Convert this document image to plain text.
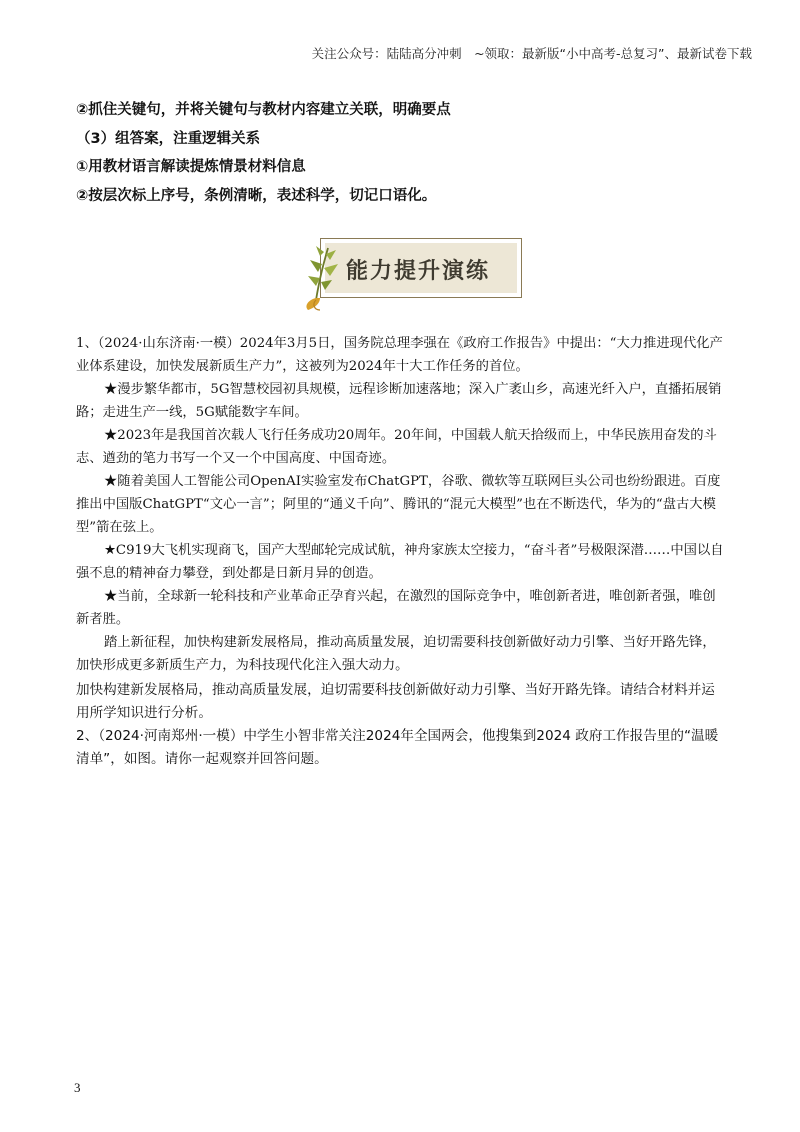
关注公众号：陆陆高分冲刺　~领取：最新版“小中高考-总复习”、最新试卷下载

②抓住关键句，并将关键句与教材内容建立关联，明确要点

（3）组答案，注重逻辑关系

①用教材语言解读提炼情景材料信息

②按层次标上序号，条例清晰，表述科学，切记口语化。

能力提升演练

1、（2024·山东济南·一模）2024年3月5日，国务院总理李强在《政府工作报告》中提出：“大力推进现代化产业体系建设，加快发展新质生产力”，这被列为2024年十大工作任务的首位。

★漫步繁华都市，5G智慧校园初具规模，远程诊断加速落地；深入广袤山乡，高速光纤入户，直播拓展销路；走进生产一线，5G赋能数字车间。

★2023年是我国首次载人飞行任务成功20周年。20年间，中国载人航天拾级而上，中华民族用奋发的斗志、遒劲的笔力书写一个又一个中国高度、中国奇迹。

★随着美国人工智能公司OpenAI实验室发布ChatGPT，谷歌、微软等互联网巨头公司也纷纷跟进。百度推出中国版ChatGPT“文心一言”；阿里的“通义千向”、腾讯的“混元大模型”也在不断迭代，华为的“盘古大模型”箭在弦上。

★C919大飞机实现商飞，国产大型邮轮完成试航，神舟家族太空接力，“奋斗者”号极限深潜……中国以自强不息的精神奋力攀登，到处都是日新月异的创造。

★当前，全球新一轮科技和产业革命正孕育兴起，在激烈的国际竞争中，唯创新者进，唯创新者强，唯创新者胜。

踏上新征程，加快构建新发展格局，推动高质量发展，迫切需要科技创新做好动力引擎、当好开路先锋，加快形成更多新质生产力，为科技现代化注入强大动力。

加快构建新发展格局，推动高质量发展，迫切需要科技创新做好动力引擎、当好开路先锋。请结合材料并运用所学知识进行分析。

2、（2024·河南郑州·一模）中学生小智非常关注2024年全国两会，他搜集到2024 政府工作报告里的“温暖清单”，如图。请你一起观察并回答问题。

3
